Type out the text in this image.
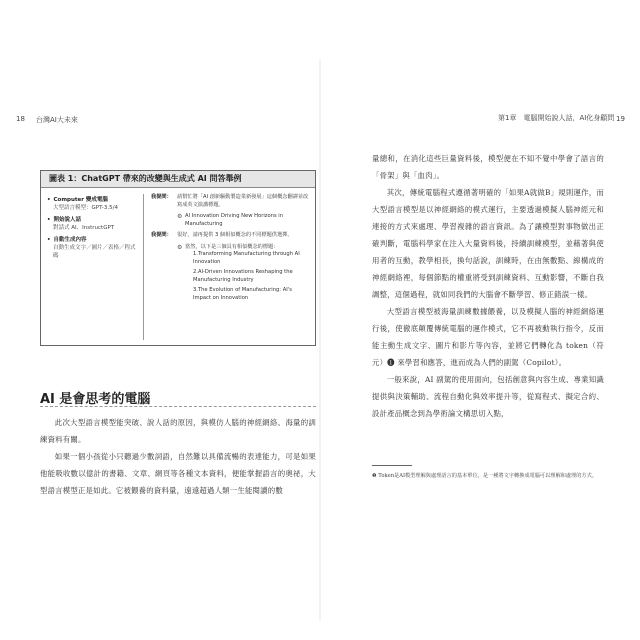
18 台灣AI大未來
圖表 1：ChatGPT 帶來的改變與生成式 AI 問答舉例
• Computer 變成電腦
大型語言模型：GPT-3.5/4
• 開始說人話
對話式 AI、InstructGPT
• 自動生成內容
自動生成文字／圖片／表格／程式碼
我提問：	請幫忙將「AI 創新驅動製造業新發展」這個概念翻譯並改寫成英文演講標題。
⚙ AI Innovation Driving New Horizons in Manufacturing
我提問：	很好，請再提供 3 個相似概念的不同標題供選擇。
⚙ 當然，以下是三個具有相似概念的標題：
1.Transforming Manufacturing through AI Innovation
2.AI-Driven Innovations Reshaping the Manufacturing Industry
3.The Evolution of Manufacturing: AI's Impact on Innovation
AI 是會思考的電腦

此次大型語言模型能突破、說人話的原因，與模仿人腦的神經網絡、海量的訓練資料有關。

如果一個小孩從小只聽過少數詞語，自然難以具備流暢的表達能力，可是如果他能吸收數以億計的書籍、文章、網頁等各種文本資料，便能掌握語言的奧祕，大型語言模型正是如此。它被餵養的資料量，遠遠超過人類一生能閱讀的數

第1章　電腦開始說人話，AI化身顧問 19

量總和，在消化這些巨量資料後，模型便在不知不覺中學會了語言的「骨架」與「血肉」。

其次，傳統電腦程式遵循著明確的「如果A就做B」規則運作，而大型語言模型是以神經網絡的模式運行，主要透過模擬人腦神經元和連接的方式來處理、學習複雜的語言資訊。為了讓模型對事物做出正確判斷，電腦科學家在注入大量資料後，持續訓練模型，並藉著與使用者的互動，教學相長，換句話說，訓練時，在由無數點、線構成的神經網絡裡，每個節點的權重將受到訓練資料、互動影響，不斷自我調整，這個過程，就如同我們的大腦會不斷學習、修正錯誤一樣。

大型語言模型被海量訓練數據餵養，以及模擬人腦的神經網絡運行後，使徹底顛覆傳統電腦的運作模式，它不再被動執行指令，反而能主動生成文字、圖片和影片等內容，並將它們轉化為 token（符元）❶ 來學習和應答，進而成為人們的副駕（Copilot）。

一般來說，AI 副駕的使用面向，包括創意與內容生成、專業知識提供與決策輔助、流程自動化與效率提升等，從寫程式、擬定合約、設計產品概念到為學術論文構思切入點，

❶ Token是AI模型理解與處理語言的基本單位，是一種將文字轉換成電腦可以理解和處理的方式。
